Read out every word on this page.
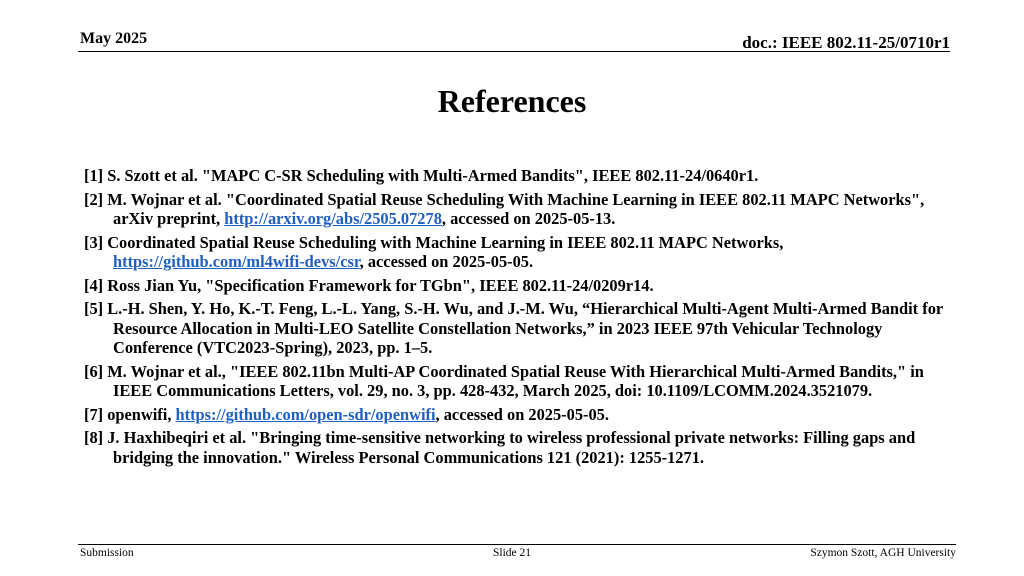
May 2025	doc.: IEEE 802.11-25/0710r1
References
[1] S. Szott et al. "MAPC C-SR Scheduling with Multi-Armed Bandits", IEEE 802.11-24/0640r1.
[2] M. Wojnar et al. "Coordinated Spatial Reuse Scheduling With Machine Learning in IEEE 802.11 MAPC Networks", arXiv preprint, http://arxiv.org/abs/2505.07278, accessed on 2025-05-13.
[3] Coordinated Spatial Reuse Scheduling with Machine Learning in IEEE 802.11 MAPC Networks, https://github.com/ml4wifi-devs/csr, accessed on 2025-05-05.
[4] Ross Jian Yu, "Specification Framework for TGbn", IEEE 802.11-24/0209r14.
[5] L.-H. Shen, Y. Ho, K.-T. Feng, L.-L. Yang, S.-H. Wu, and J.-M. Wu, “Hierarchical Multi-Agent Multi-Armed Bandit for Resource Allocation in Multi-LEO Satellite Constellation Networks,” in 2023 IEEE 97th Vehicular Technology Conference (VTC2023-Spring), 2023, pp. 1–5.
[6] M. Wojnar et al., "IEEE 802.11bn Multi-AP Coordinated Spatial Reuse With Hierarchical Multi-Armed Bandits," in IEEE Communications Letters, vol. 29, no. 3, pp. 428-432, March 2025, doi: 10.1109/LCOMM.2024.3521079.
[7] openwifi, https://github.com/open-sdr/openwifi, accessed on 2025-05-05.
[8] J. Haxhibeqiri et al. "Bringing time-sensitive networking to wireless professional private networks: Filling gaps and bridging the innovation." Wireless Personal Communications 121 (2021): 1255-1271.
Submission	Slide 21	Szymon Szott, AGH University
